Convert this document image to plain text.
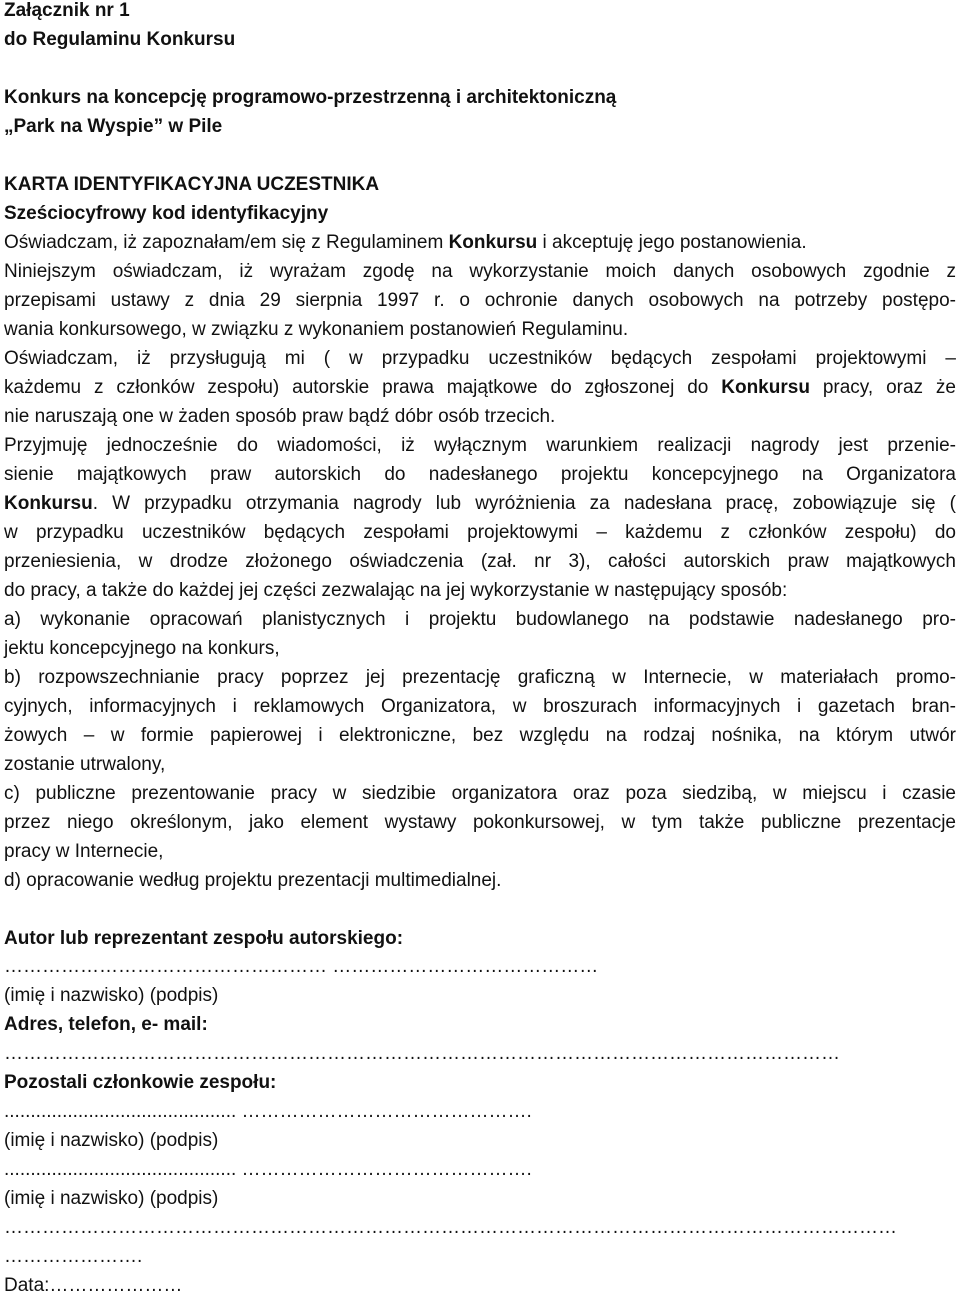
Załącznik nr 1
do Regulaminu Konkursu
Konkurs na koncepcję programowo-przestrzenną i architektoniczną
„Park na Wyspie” w Pile
KARTA IDENTYFIKACYJNA UCZESTNIKA
Sześciocyfrowy kod identyfikacyjny
Oświadczam, iż zapoznałam/em się z Regulaminem Konkursu i akceptuję jego postanowienia.
Niniejszym oświadczam, iż wyrażam zgodę na wykorzystanie moich danych osobowych zgodnie z
przepisami ustawy z dnia 29 sierpnia 1997 r. o ochronie danych osobowych na potrzeby postępo-
wania konkursowego, w związku z wykonaniem postanowień Regulaminu.
Oświadczam, iż przysługują mi ( w przypadku uczestników będących zespołami projektowymi –
każdemu z członków zespołu) autorskie prawa majątkowe do zgłoszonej do Konkursu pracy, oraz że
nie naruszają one w żaden sposób praw bądź dóbr osób trzecich.
Przyjmuję jednocześnie do wiadomości, iż wyłącznym warunkiem realizacji nagrody jest przenie-
sienie majątkowych praw autorskich do nadesłanego projektu koncepcyjnego na Organizatora
Konkursu. W przypadku otrzymania nagrody lub wyróżnienia za nadesłana pracę, zobowiązuje się (
w przypadku uczestników będących zespołami projektowymi – każdemu z członków zespołu) do
przeniesienia, w drodze złożonego oświadczenia (zał. nr 3), całości autorskich praw majątkowych
do pracy, a także do każdej jej części zezwalając na jej wykorzystanie w następujący sposób:
a) wykonanie opracowań planistycznych i projektu budowlanego na podstawie nadesłanego pro-
jektu koncepcyjnego na konkurs,
b) rozpowszechnianie pracy poprzez jej prezentację graficzną w Internecie, w materiałach promo-
cyjnych, informacyjnych i reklamowych Organizatora, w broszurach informacyjnych i gazetach bran-
żowych – w formie papierowej i elektroniczne, bez względu na rodzaj nośnika, na którym utwór
zostanie utrwalony,
c) publiczne prezentowanie pracy w siedzibie organizatora oraz poza siedzibą, w miejscu i czasie
przez niego określonym, jako element wystawy pokonkursowej, w tym także publiczne prezentacje
pracy w Internecie,
d) opracowanie według projektu prezentacji multimedialnej.
Autor lub reprezentant zespołu autorskiego:
…………………………………………… ……………………………………
(imię i nazwisko) (podpis)
Adres, telefon, e- mail:
……………………………………………………………………………………………………………………
Pozostali członkowie zespołu:
............................................ ……………………………………….
(imię i nazwisko) (podpis)
............................................ ……………………………………….
(imię i nazwisko) (podpis)
……………………………………………………………………………………………………………………………
………………….
Data:…………………
